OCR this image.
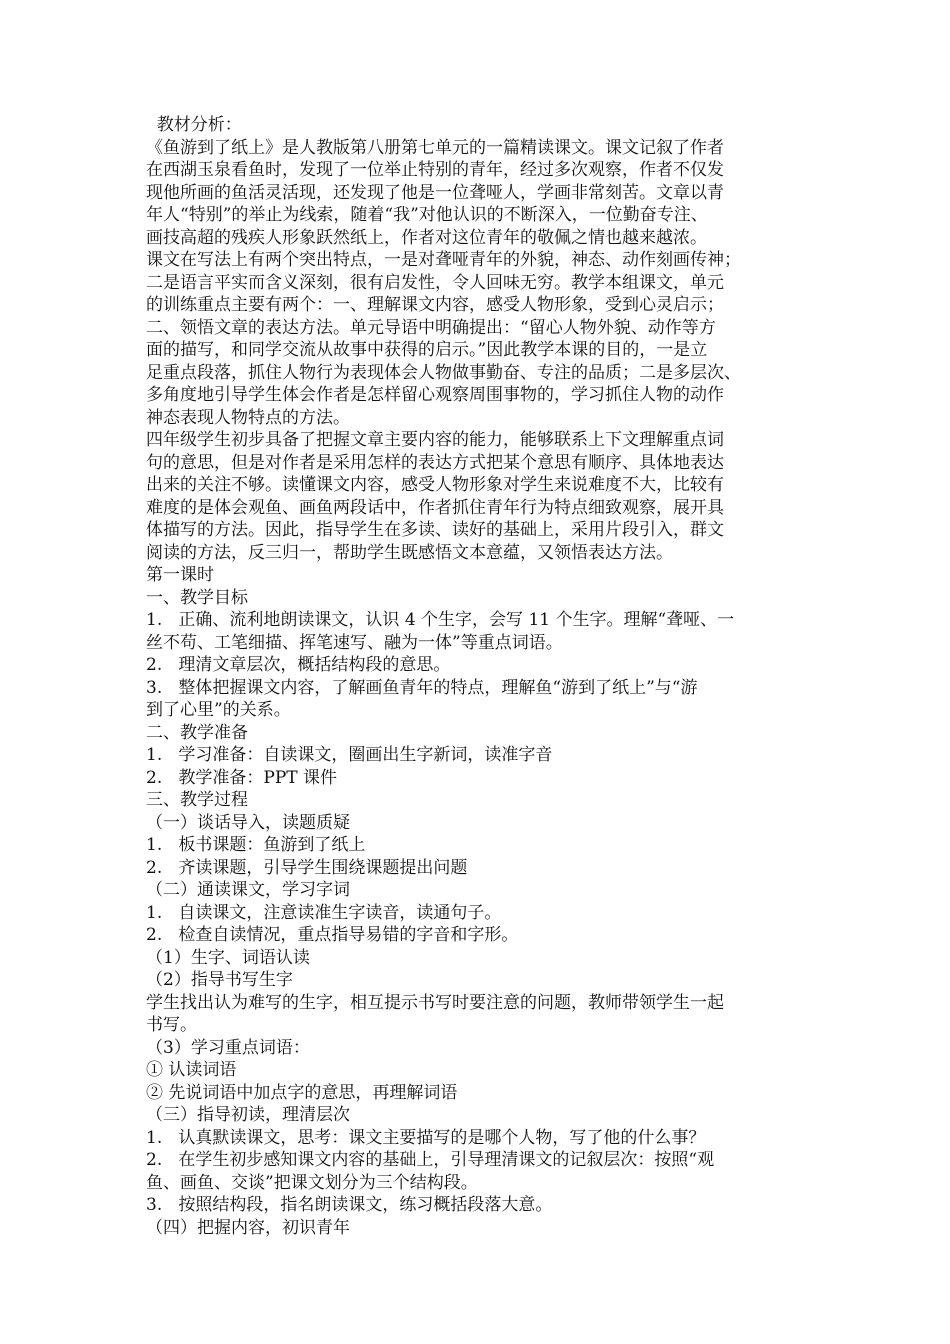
教材分析：
《鱼游到了纸上》是人教版第八册第七单元的一篇精读课文。课文记叙了作者
在西湖玉泉看鱼时，发现了一位举止特别的青年，经过多次观察，作者不仅发
现他所画的鱼活灵活现，还发现了他是一位聋哑人，学画非常刻苦。文章以青
年人“特别”的举止为线索，随着“我”对他认识的不断深入，一位勤奋专注、
画技高超的残疾人形象跃然纸上，作者对这位青年的敬佩之情也越来越浓。
课文在写法上有两个突出特点，一是对聋哑青年的外貌，神态、动作刻画传神；
二是语言平实而含义深刻，很有启发性，令人回味无穷。教学本组课文，单元
的训练重点主要有两个：一、理解课文内容，感受人物形象，受到心灵启示；
二、领悟文章的表达方法。单元导语中明确提出：“留心人物外貌、动作等方
面的描写，和同学交流从故事中获得的启示。”因此教学本课的目的，一是立
足重点段落，抓住人物行为表现体会人物做事勤奋、专注的品质；二是多层次、
多角度地引导学生体会作者是怎样留心观察周围事物的，学习抓住人物的动作
神态表现人物特点的方法。
四年级学生初步具备了把握文章主要内容的能力，能够联系上下文理解重点词
句的意思，但是对作者是采用怎样的表达方式把某个意思有顺序、具体地表达
出来的关注不够。读懂课文内容，感受人物形象对学生来说难度不大，比较有
难度的是体会观鱼、画鱼两段话中，作者抓住青年行为特点细致观察，展开具
体描写的方法。因此，指导学生在多读、读好的基础上，采用片段引入，群文
阅读的方法，反三归一，帮助学生既感悟文本意蕴，又领悟表达方法。
第一课时
一、教学目标
1.   正确、流利地朗读课文，认识 4 个生字，会写 11 个生字。理解“聋哑、一
丝不苟、工笔细描、挥笔速写、融为一体”等重点词语。
2.   理清文章层次，概括结构段的意思。
3.   整体把握课文内容，了解画鱼青年的特点，理解鱼“游到了纸上”与“游
到了心里”的关系。
二、教学准备
1.   学习准备：自读课文，圈画出生字新词，读准字音
2.   教学准备：PPT 课件
三、教学过程
（一）谈话导入，读题质疑
1.   板书课题：鱼游到了纸上
2.   齐读课题，引导学生围绕课题提出问题
（二）通读课文，学习字词
1.   自读课文，注意读准生字读音，读通句子。
2.   检查自读情况，重点指导易错的字音和字形。
（1）生字、词语认读
（2）指导书写生字
学生找出认为难写的生字，相互提示书写时要注意的问题，教师带领学生一起
书写。
（3）学习重点词语：
① 认读词语
② 先说词语中加点字的意思，再理解词语
（三）指导初读，理清层次
1.   认真默读课文，思考：课文主要描写的是哪个人物，写了他的什么事？
2.   在学生初步感知课文内容的基础上，引导理清课文的记叙层次：按照“观
鱼、画鱼、交谈”把课文划分为三个结构段。
3.   按照结构段，指名朗读课文，练习概括段落大意。
（四）把握内容，初识青年
